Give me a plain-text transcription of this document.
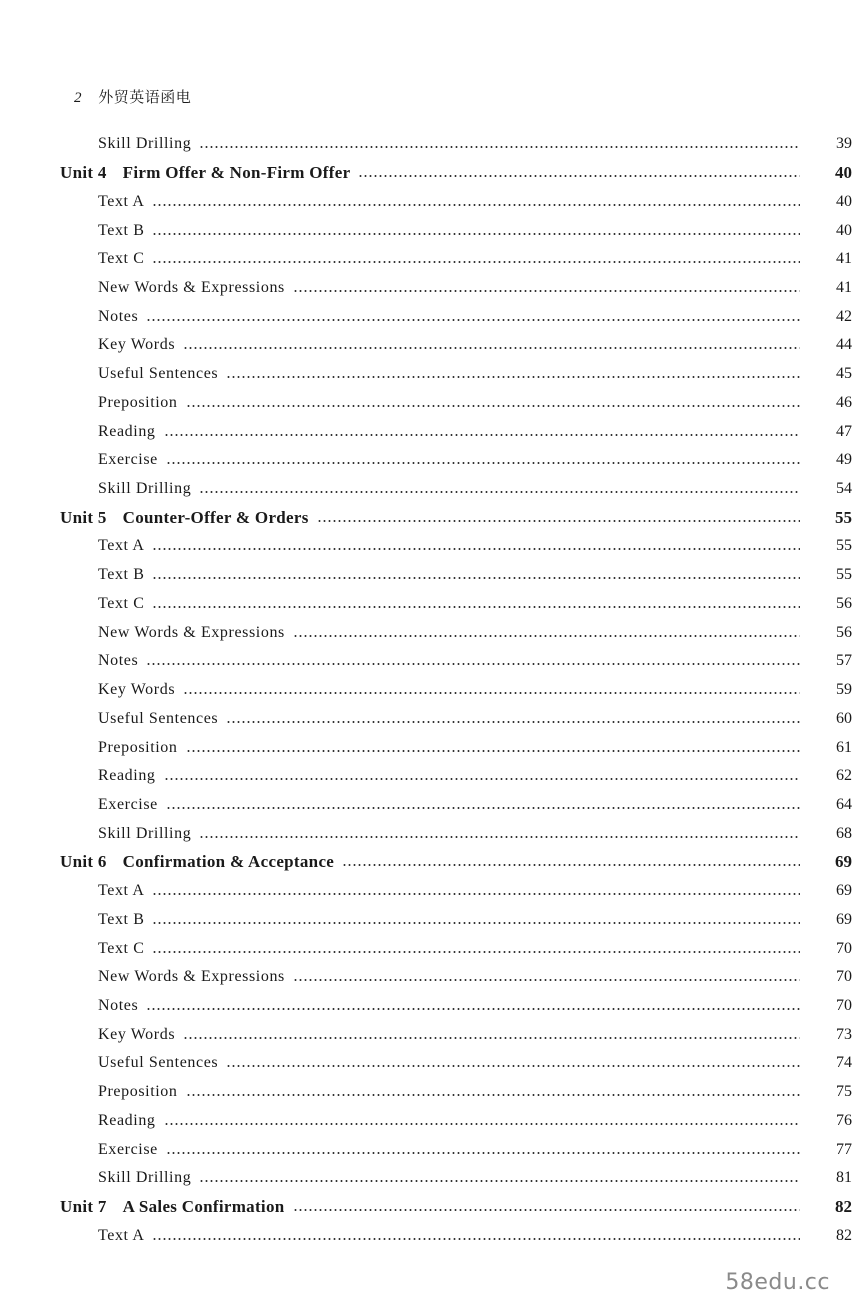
2 外贸英语函电
Skill Drilling	39
Unit 4 Firm Offer & Non-Firm Offer	40
Text A	40
Text B	40
Text C	41
New Words & Expressions	41
Notes	42
Key Words	44
Useful Sentences	45
Preposition	46
Reading	47
Exercise	49
Skill Drilling	54
Unit 5 Counter-Offer & Orders	55
Text A	55
Text B	55
Text C	56
New Words & Expressions	56
Notes	57
Key Words	59
Useful Sentences	60
Preposition	61
Reading	62
Exercise	64
Skill Drilling	68
Unit 6 Confirmation & Acceptance	69
Text A	69
Text B	69
Text C	70
New Words & Expressions	70
Notes	70
Key Words	73
Useful Sentences	74
Preposition	75
Reading	76
Exercise	77
Skill Drilling	81
Unit 7 A Sales Confirmation	82
Text A	82
58edu.cc
